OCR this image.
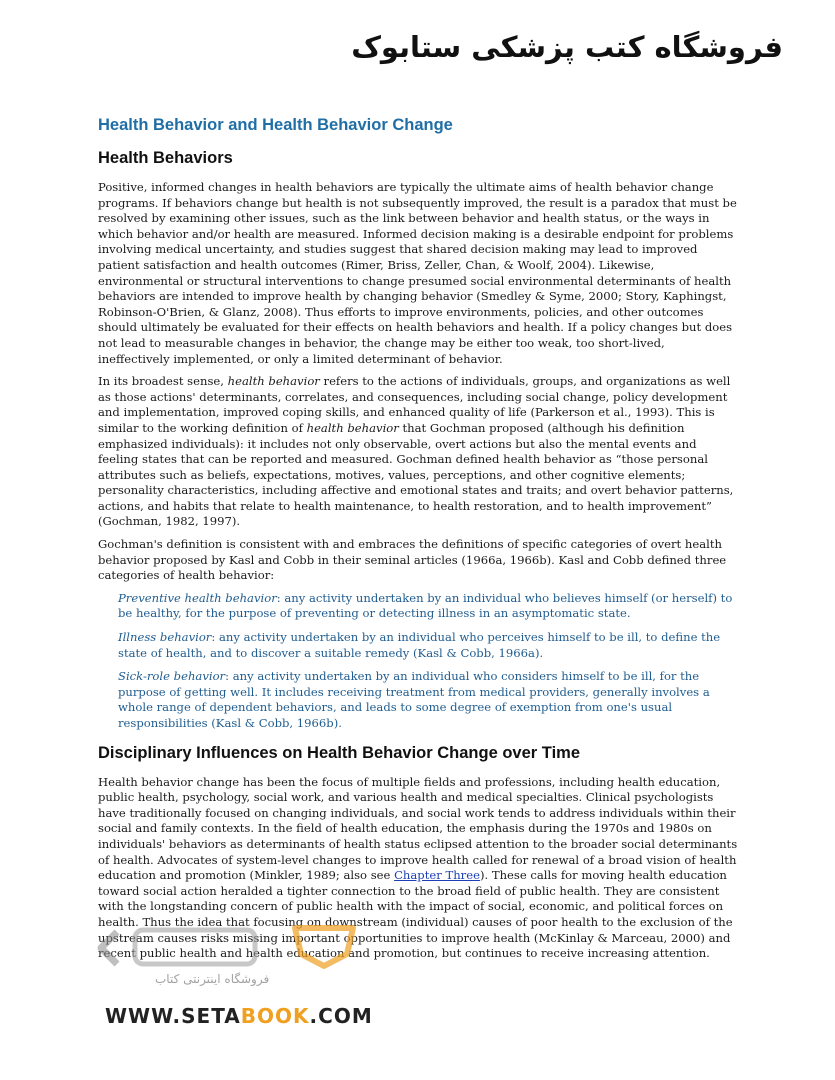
فروشگاه کتب پزشکی ستابوک
Health Behavior and Health Behavior Change
Health Behaviors

Positive, informed changes in health behaviors are typically the ultimate aims of health behavior change programs. If behaviors change but health is not subsequently improved, the result is a paradox that must be resolved by examining other issues, such as the link between behavior and health status, or the ways in which behavior and/or health are measured. Informed decision making is a desirable endpoint for problems involving medical uncertainty, and studies suggest that shared decision making may lead to improved patient satisfaction and health outcomes (Rimer, Briss, Zeller, Chan, & Woolf, 2004). Likewise, environmental or structural interventions to change presumed social environmental determinants of health behaviors are intended to improve health by changing behavior (Smedley & Syme, 2000; Story, Kaphingst, Robinson-O'Brien, & Glanz, 2008). Thus efforts to improve environments, policies, and other outcomes should ultimately be evaluated for their effects on health behaviors and health. If a policy changes but does not lead to measurable changes in behavior, the change may be either too weak, too short-lived, ineffectively implemented, or only a limited determinant of behavior.

In its broadest sense, health behavior refers to the actions of individuals, groups, and organizations as well as those actions' determinants, correlates, and consequences, including social change, policy development and implementation, improved coping skills, and enhanced quality of life (Parkerson et al., 1993). This is similar to the working definition of health behavior that Gochman proposed (although his definition emphasized individuals): it includes not only observable, overt actions but also the mental events and feeling states that can be reported and measured. Gochman defined health behavior as “those personal attributes such as beliefs, expectations, motives, values, perceptions, and other cognitive elements; personality characteristics, including affective and emotional states and traits; and overt behavior patterns, actions, and habits that relate to health maintenance, to health restoration, and to health improvement” (Gochman, 1982, 1997).

Gochman's definition is consistent with and embraces the definitions of specific categories of overt health behavior proposed by Kasl and Cobb in their seminal articles (1966a, 1966b). Kasl and Cobb defined three categories of health behavior:

Preventive health behavior: any activity undertaken by an individual who believes himself (or herself) to be healthy, for the purpose of preventing or detecting illness in an asymptomatic state.
Illness behavior: any activity undertaken by an individual who perceives himself to be ill, to define the state of health, and to discover a suitable remedy (Kasl & Cobb, 1966a).
Sick-role behavior: any activity undertaken by an individual who considers himself to be ill, for the purpose of getting well. It includes receiving treatment from medical providers, generally involves a whole range of dependent behaviors, and leads to some degree of exemption from one's usual responsibilities (Kasl & Cobb, 1966b).
Disciplinary Influences on Health Behavior Change over Time

Health behavior change has been the focus of multiple fields and professions, including health education, public health, psychology, social work, and various health and medical specialties. Clinical psychologists have traditionally focused on changing individuals, and social work tends to address individuals within their social and family contexts. In the field of health education, the emphasis during the 1970s and 1980s on individuals' behaviors as determinants of health status eclipsed attention to the broader social determinants of health. Advocates of system-level changes to improve health called for renewal of a broad vision of health education and promotion (Minkler, 1989; also see Chapter Three). These calls for moving health education toward social action heralded a tighter connection to the broad field of public health. They are consistent with the longstanding concern of public health with the impact of social, economic, and political forces on health. Thus the idea that focusing on downstream (individual) causes of poor health to the exclusion of the upstream causes risks missing important opportunities to improve health (McKinlay & Marceau, 2000) and recent public health and health education and promotion, but continues to receive increasing attention.

فروشگاه اینترنتی کتاب
WWW.SETABOOK.COM
